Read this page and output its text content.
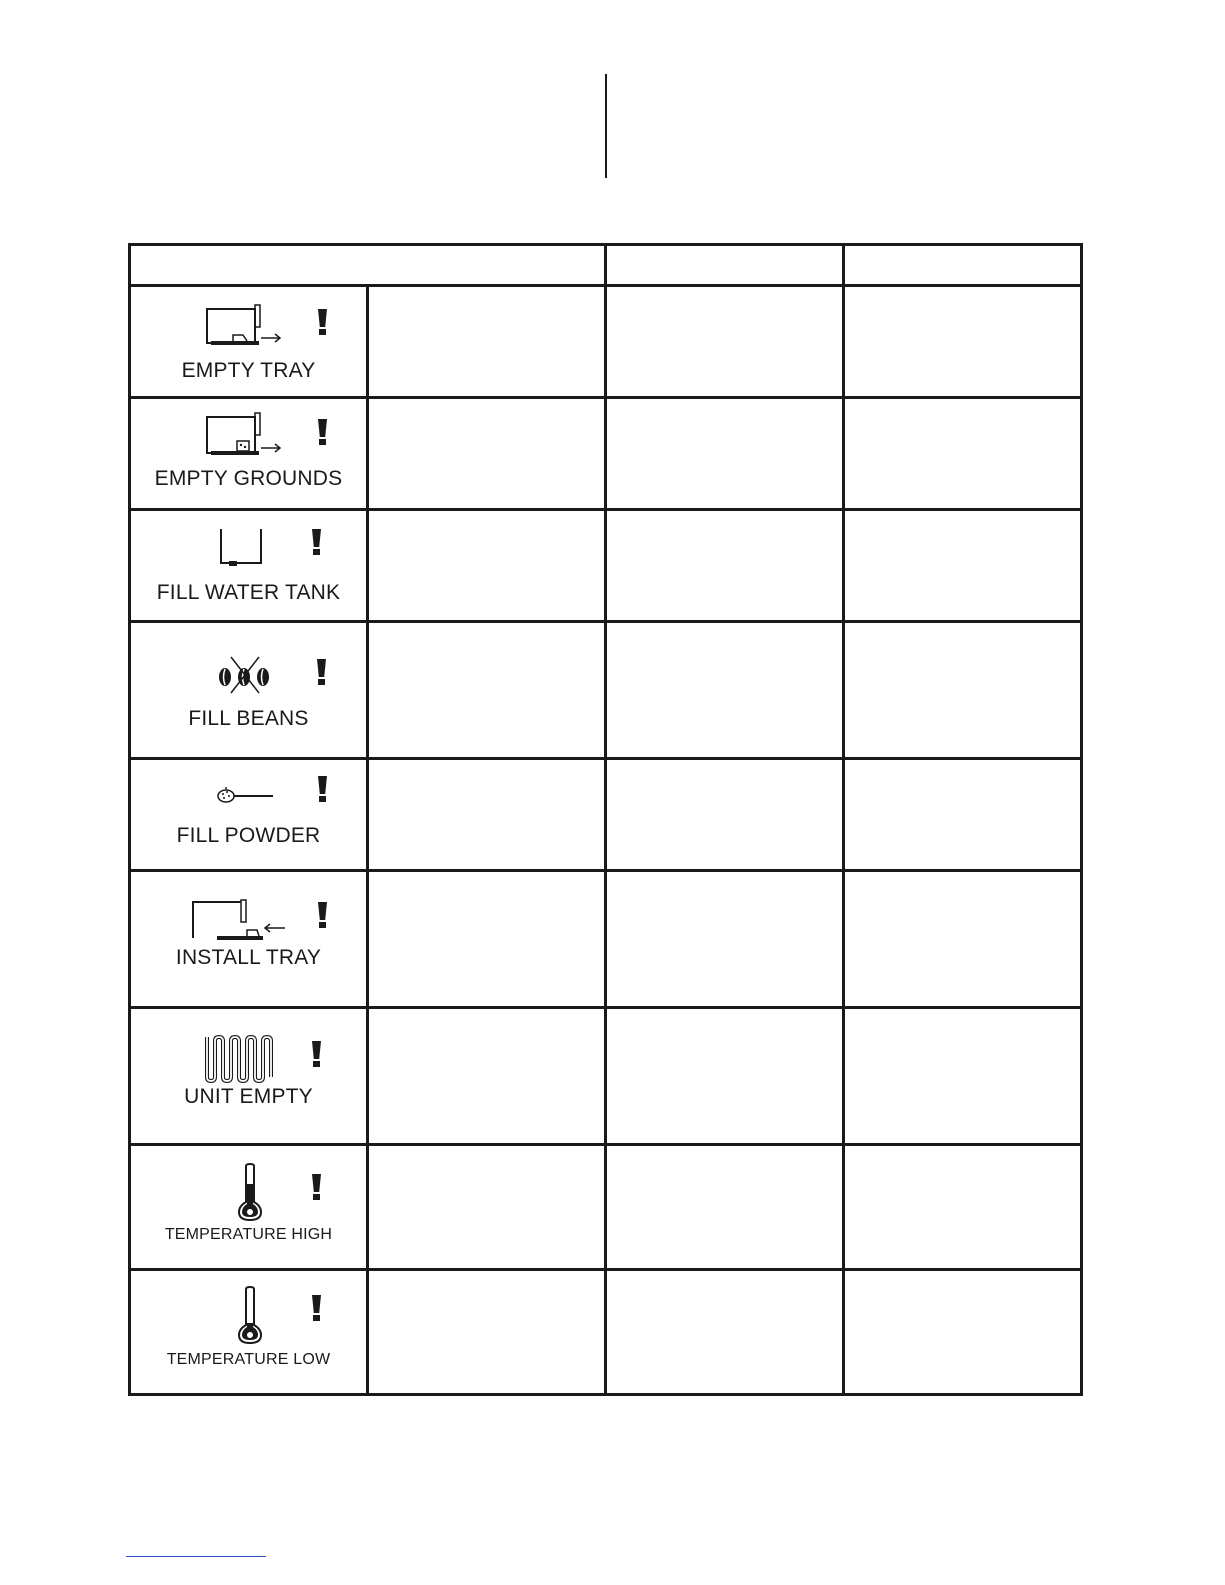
EMPTY TRAY			

EMPTY GROUNDS			

FILL WATER TANK			

FILL BEANS			

FILL POWDER			

INSTALL TRAY			

UNIT EMPTY			

TEMPERATURE HIGH			

TEMPERATURE LOW			
